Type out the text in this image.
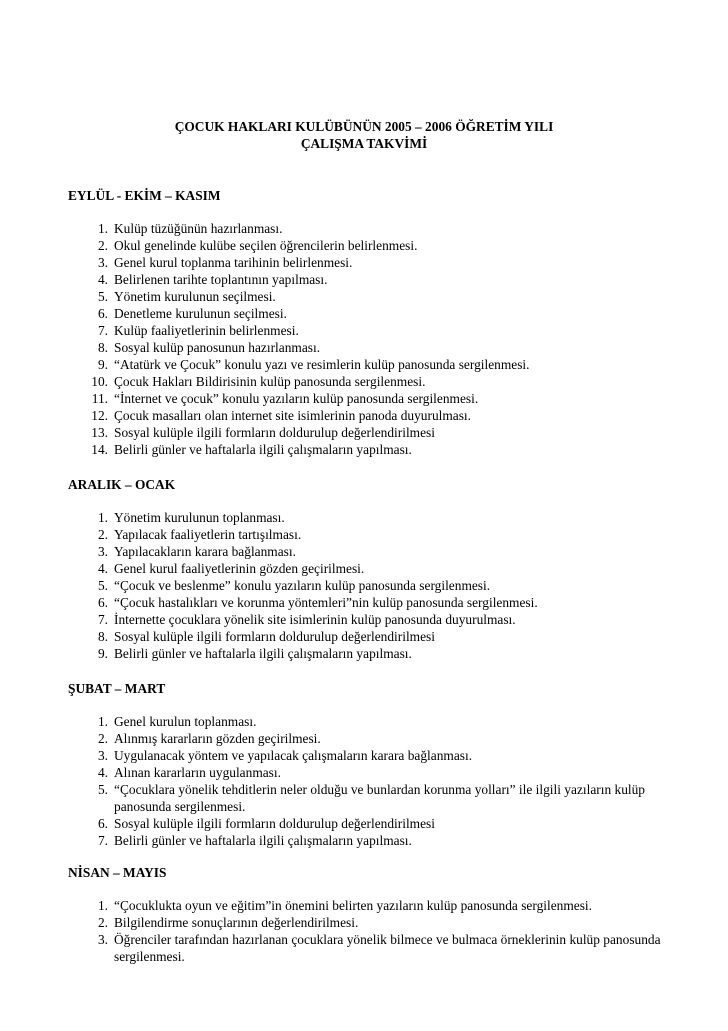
ÇOCUK HAKLARI KULÜBÜNÜN 2005 – 2006 ÖĞRETİM YILI
ÇALIŞMA TAKVİMİ
EYLÜL - EKİM – KASIM
1. Kulüp tüzüğünün hazırlanması.
2. Okul genelinde kulübe seçilen öğrencilerin belirlenmesi.
3. Genel kurul toplanma tarihinin belirlenmesi.
4. Belirlenen tarihte toplantının yapılması.
5. Yönetim kurulunun seçilmesi.
6. Denetleme kurulunun seçilmesi.
7. Kulüp faaliyetlerinin belirlenmesi.
8. Sosyal kulüp panosunun hazırlanması.
9. “Atatürk ve Çocuk” konulu yazı ve resimlerin kulüp panosunda sergilenmesi.
10. Çocuk Hakları Bildirisinin kulüp panosunda sergilenmesi.
11. “İnternet ve çocuk” konulu yazıların kulüp panosunda sergilenmesi.
12. Çocuk masalları olan internet site isimlerinin panoda duyurulması.
13. Sosyal kulüple ilgili formların doldurulup değerlendirilmesi
14. Belirli günler ve haftalarla ilgili çalışmaların yapılması.
ARALIK – OCAK
1. Yönetim kurulunun toplanması.
2. Yapılacak faaliyetlerin tartışılması.
3. Yapılacakların karara bağlanması.
4. Genel kurul faaliyetlerinin gözden geçirilmesi.
5. “Çocuk ve beslenme” konulu yazıların kulüp panosunda sergilenmesi.
6. “Çocuk hastalıkları ve korunma yöntemleri”nin kulüp panosunda sergilenmesi.
7. İnternette çocuklara yönelik site isimlerinin kulüp panosunda duyurulması.
8. Sosyal kulüple ilgili formların doldurulup değerlendirilmesi
9. Belirli günler ve haftalarla ilgili çalışmaların yapılması.
ŞUBAT – MART
1. Genel kurulun toplanması.
2. Alınmış kararların gözden geçirilmesi.
3. Uygulanacak yöntem ve yapılacak çalışmaların karara bağlanması.
4. Alınan kararların uygulanması.
5. “Çocuklara yönelik tehditlerin neler olduğu ve bunlardan korunma yolları” ile ilgili yazıların kulüp panosunda sergilenmesi.
6. Sosyal kulüple ilgili formların doldurulup değerlendirilmesi
7. Belirli günler ve haftalarla ilgili çalışmaların yapılması.
NİSAN – MAYIS
1. “Çocuklukta oyun ve eğitim”in önemini belirten yazıların kulüp panosunda sergilenmesi.
2. Bilgilendirme sonuçlarının değerlendirilmesi.
3. Öğrenciler tarafından hazırlanan çocuklara yönelik bilmece ve bulmaca örneklerinin kulüp panosunda sergilenmesi.
